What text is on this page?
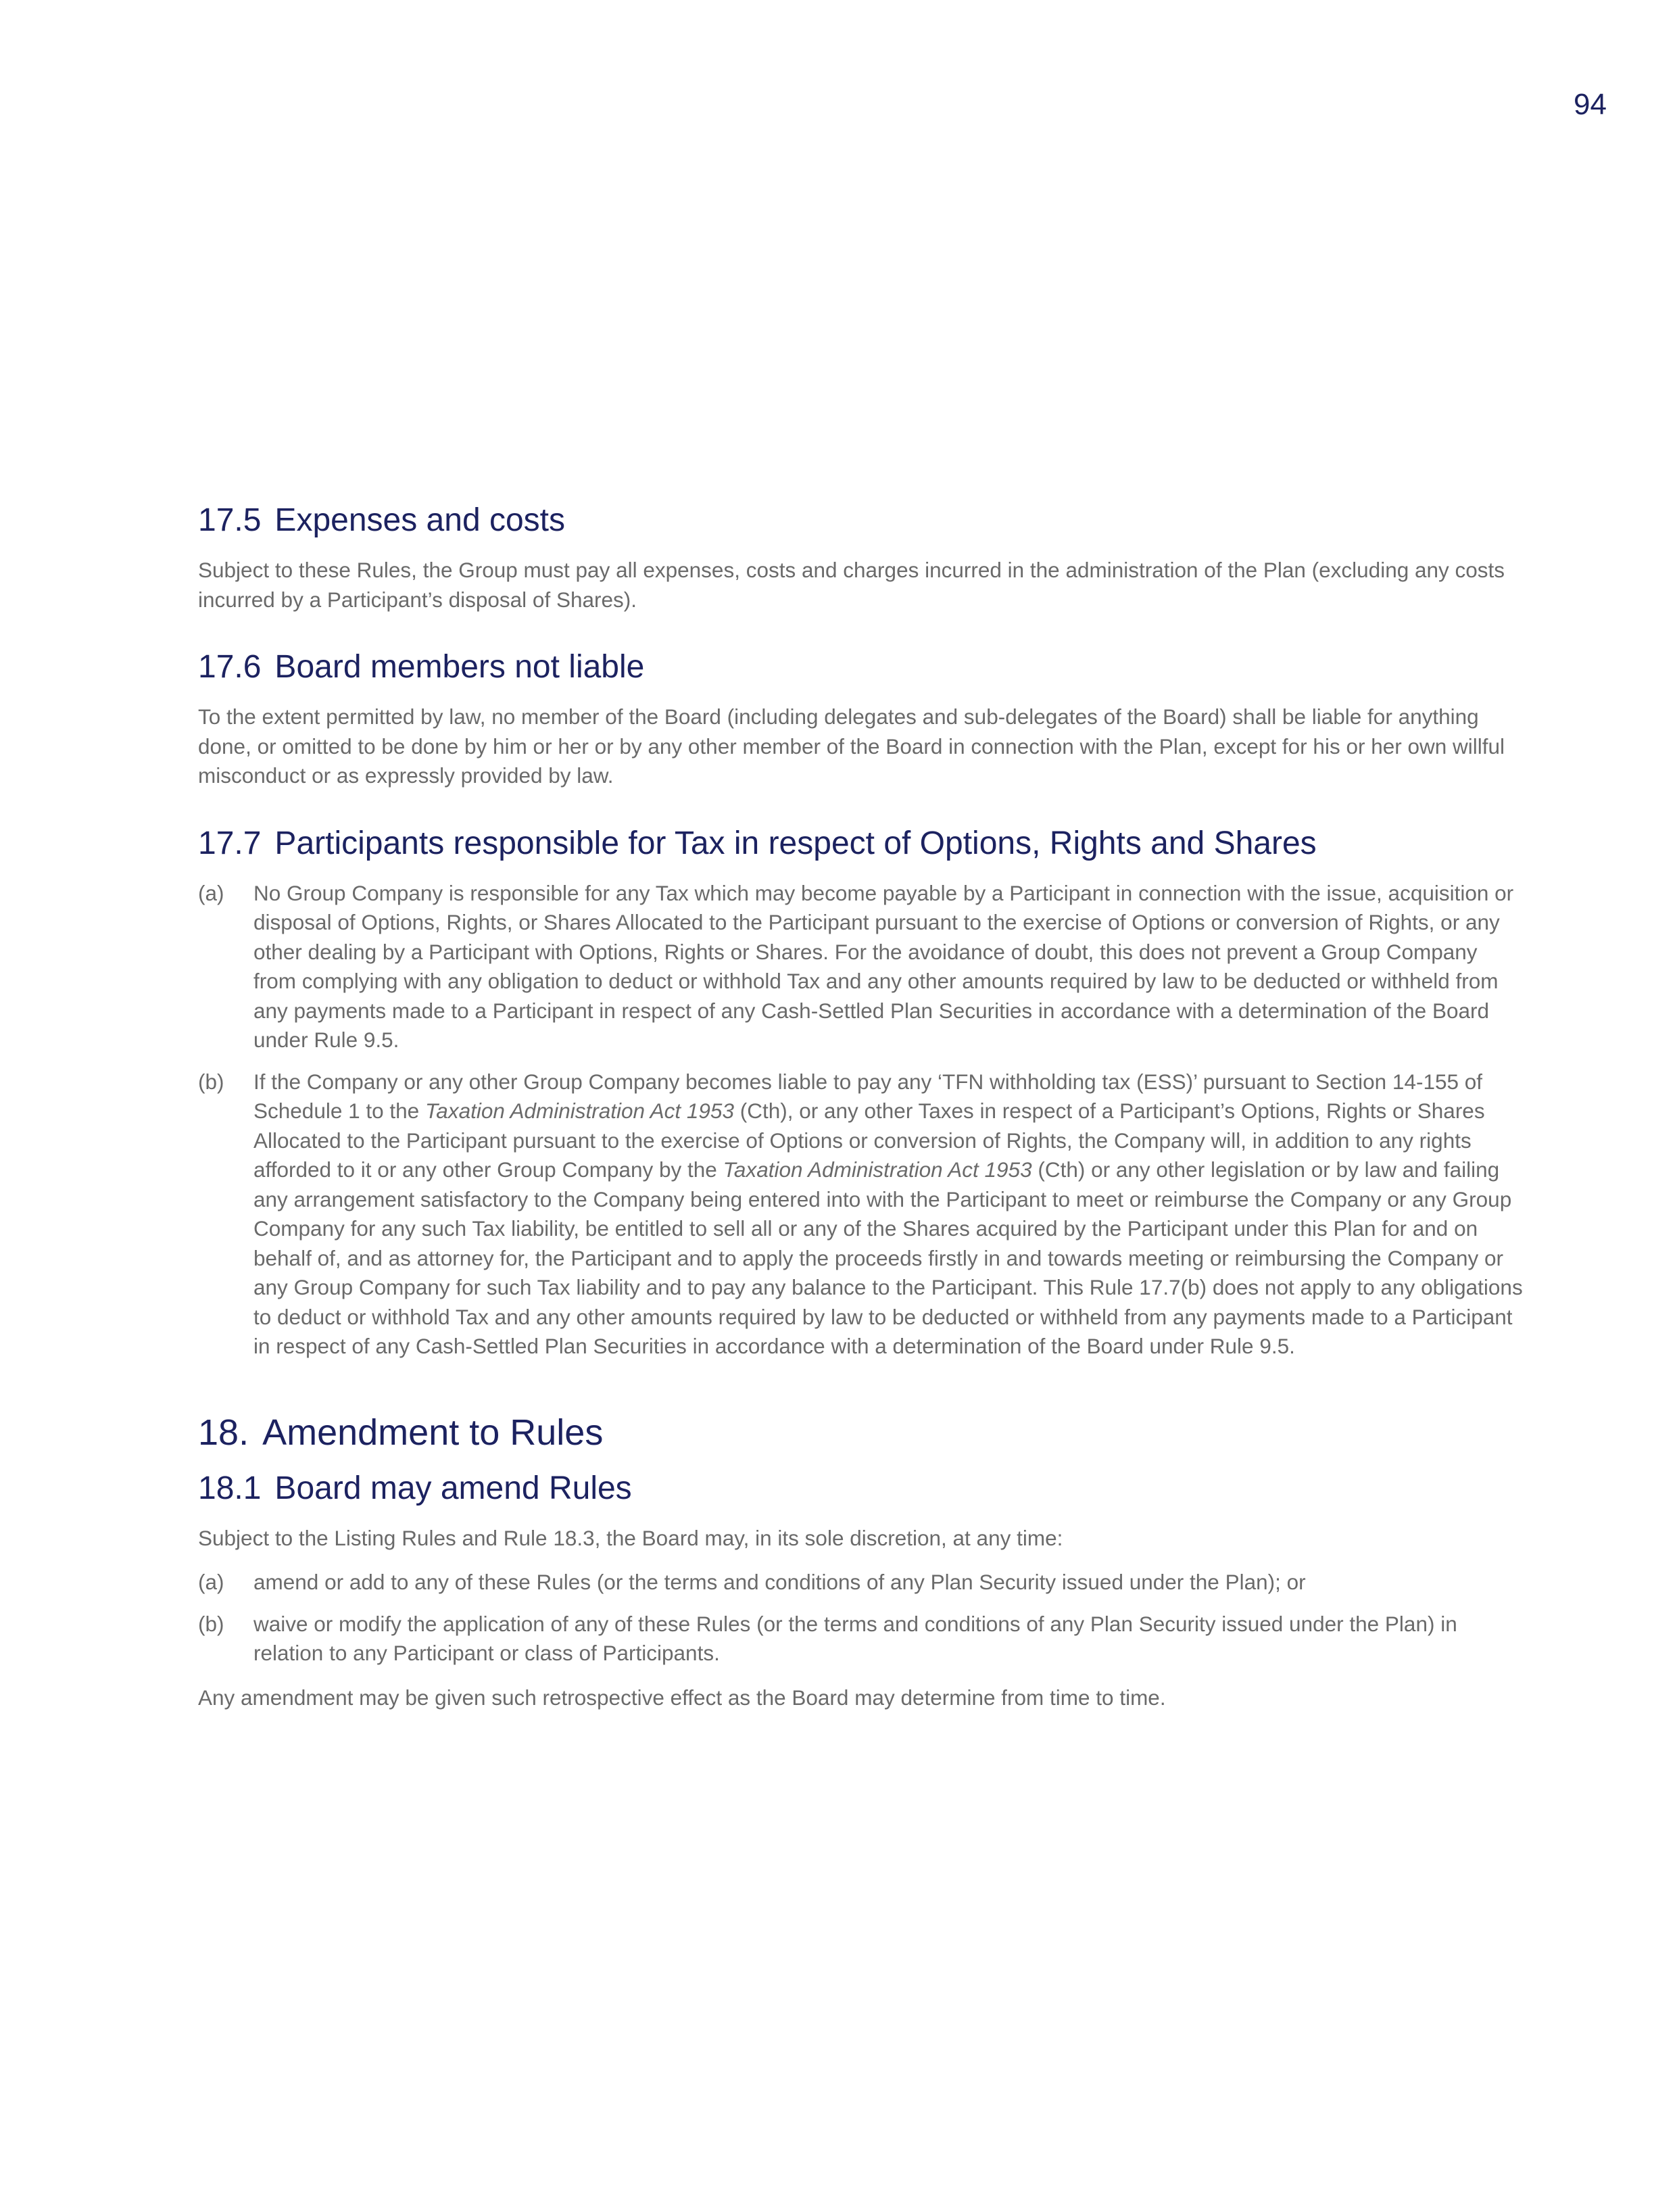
94
17.5 Expenses and costs

Subject to these Rules, the Group must pay all expenses, costs and charges incurred in the administration of the Plan (excluding any costs incurred by a Participant’s disposal of Shares).

17.6 Board members not liable

To the extent permitted by law, no member of the Board (including delegates and sub-delegates of the Board) shall be liable for anything done, or omitted to be done by him or her or by any other member of the Board in connection with the Plan, except for his or her own willful misconduct or as expressly provided by law.

17.7 Participants responsible for Tax in respect of Options, Rights and Shares
(a)	No Group Company is responsible for any Tax which may become payable by a Participant in connection with the issue, acquisition or disposal of Options, Rights, or Shares Allocated to the Participant pursuant to the exercise of Options or conversion of Rights, or any other dealing by a Participant with Options, Rights or Shares. For the avoidance of doubt, this does not prevent a Group Company from complying with any obligation to deduct or withhold Tax and any other amounts required by law to be deducted or withheld from any payments made to a Participant in respect of any Cash-Settled Plan Securities in accordance with a determination of the Board under Rule 9.5.
(b)	If the Company or any other Group Company becomes liable to pay any ‘TFN withholding tax (ESS)’ pursuant to Section 14-155 of Schedule 1 to the Taxation Administration Act 1953 (Cth), or any other Taxes in respect of a Participant’s Options, Rights or Shares Allocated to the Participant pursuant to the exercise of Options or conversion of Rights, the Company will, in addition to any rights afforded to it or any other Group Company by the Taxation Administration Act 1953 (Cth) or any other legislation or by law and failing any arrangement satisfactory to the Company being entered into with the Participant to meet or reimburse the Company or any Group Company for any such Tax liability, be entitled to sell all or any of the Shares acquired by the Participant under this Plan for and on behalf of, and as attorney for, the Participant and to apply the proceeds firstly in and towards meeting or reimbursing the Company or any Group Company for such Tax liability and to pay any balance to the Participant. This Rule 17.7(b) does not apply to any obligations to deduct or withhold Tax and any other amounts required by law to be deducted or withheld from any payments made to a Participant in respect of any Cash-Settled Plan Securities in accordance with a determination of the Board under Rule 9.5.
18. Amendment to Rules
18.1 Board may amend Rules

Subject to the Listing Rules and Rule 18.3, the Board may, in its sole discretion, at any time:

(a)	amend or add to any of these Rules (or the terms and conditions of any Plan Security issued under the Plan); or
(b)	waive or modify the application of any of these Rules (or the terms and conditions of any Plan Security issued under the Plan) in relation to any Participant or class of Participants.

Any amendment may be given such retrospective effect as the Board may determine from time to time.
